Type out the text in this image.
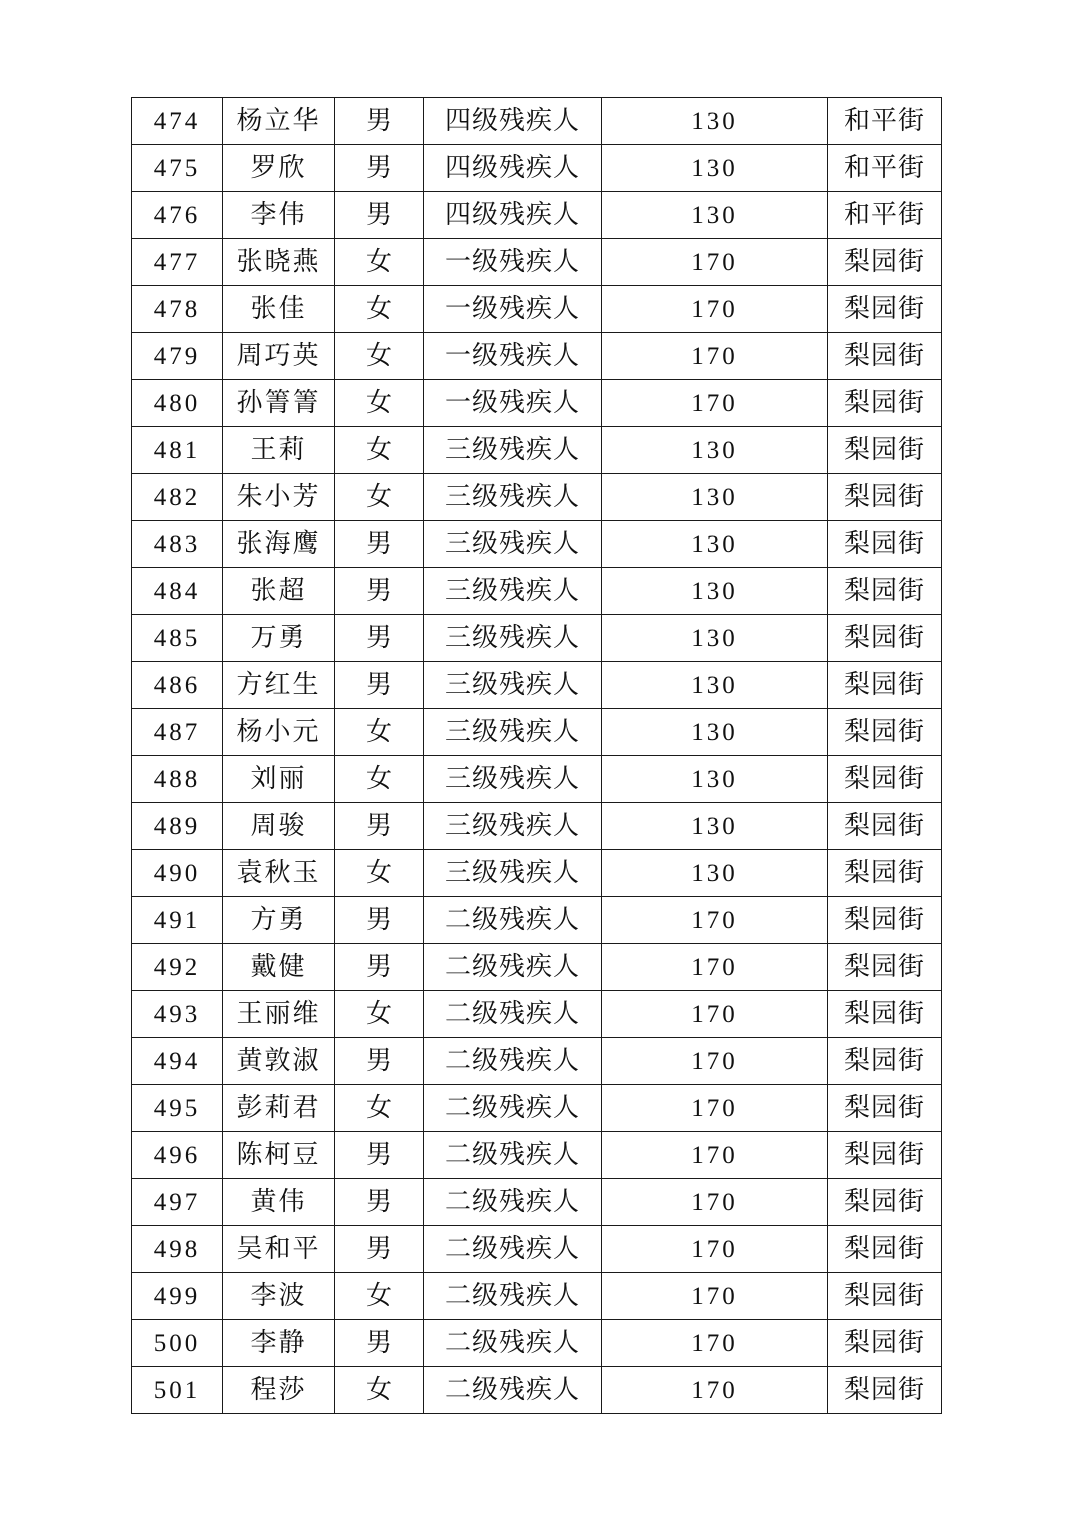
474	杨立华	男	四级残疾人	130	和平街
475	罗欣	男	四级残疾人	130	和平街
476	李伟	男	四级残疾人	130	和平街
477	张晓燕	女	一级残疾人	170	梨园街
478	张佳	女	一级残疾人	170	梨园街
479	周巧英	女	一级残疾人	170	梨园街
480	孙箐箐	女	一级残疾人	170	梨园街
481	王莉	女	三级残疾人	130	梨园街
482	朱小芳	女	三级残疾人	130	梨园街
483	张海鹰	男	三级残疾人	130	梨园街
484	张超	男	三级残疾人	130	梨园街
485	万勇	男	三级残疾人	130	梨园街
486	方红生	男	三级残疾人	130	梨园街
487	杨小元	女	三级残疾人	130	梨园街
488	刘丽	女	三级残疾人	130	梨园街
489	周骏	男	三级残疾人	130	梨园街
490	袁秋玉	女	三级残疾人	130	梨园街
491	方勇	男	二级残疾人	170	梨园街
492	戴健	男	二级残疾人	170	梨园街
493	王丽维	女	二级残疾人	170	梨园街
494	黄敦淑	男	二级残疾人	170	梨园街
495	彭莉君	女	二级残疾人	170	梨园街
496	陈柯豆	男	二级残疾人	170	梨园街
497	黄伟	男	二级残疾人	170	梨园街
498	吴和平	男	二级残疾人	170	梨园街
499	李波	女	二级残疾人	170	梨园街
500	李静	男	二级残疾人	170	梨园街
501	程莎	女	二级残疾人	170	梨园街
